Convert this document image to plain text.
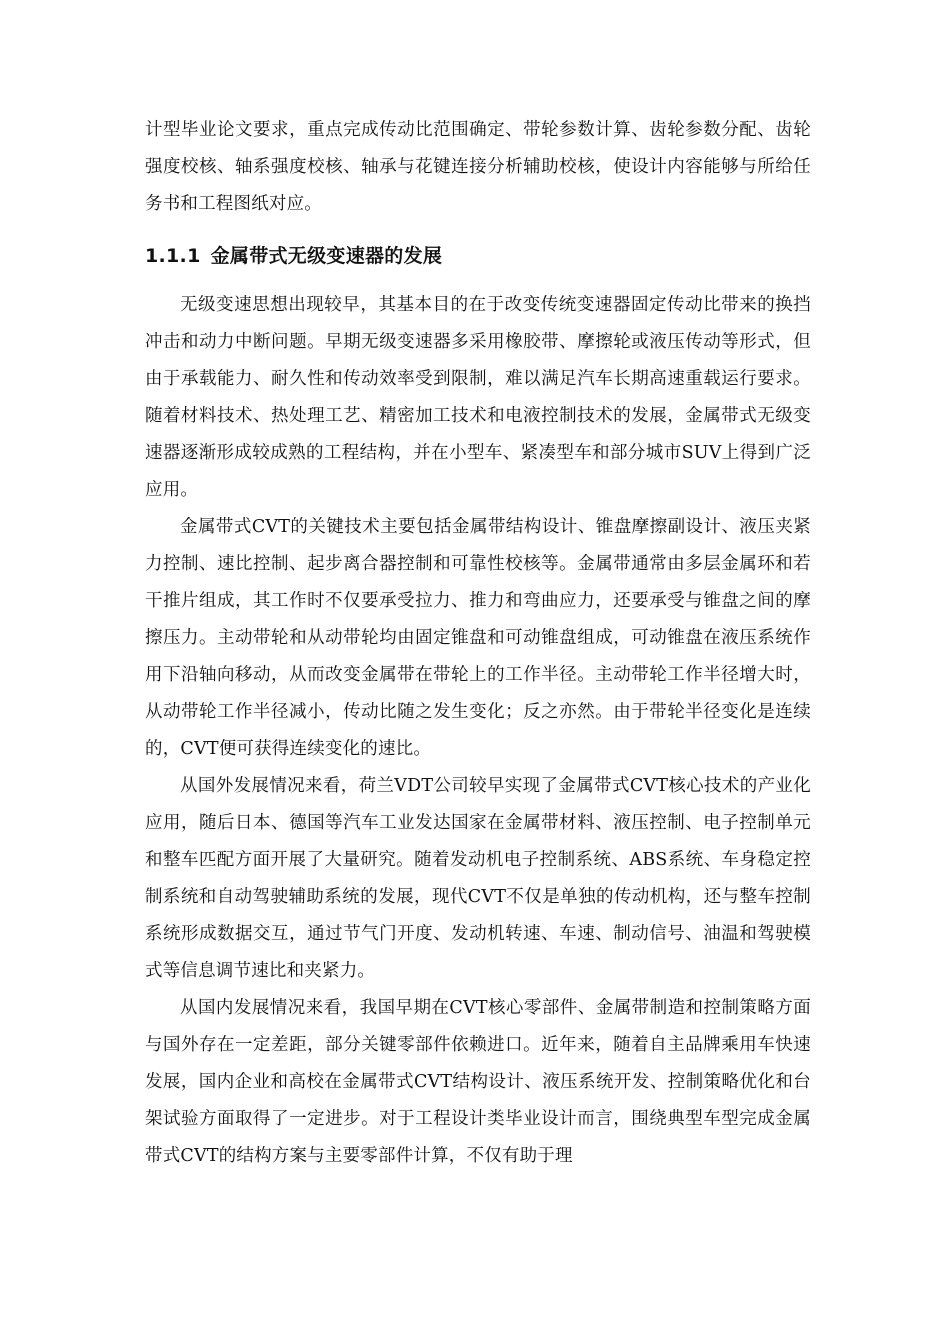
计型毕业论文要求，重点完成传动比范围确定、带轮参数计算、齿轮参数分配、齿轮强度校核、轴系强度校核、轴承与花键连接分析辅助校核，使设计内容能够与所给任务书和工程图纸对应。

1.1.1 金属带式无级变速器的发展

无级变速思想出现较早，其基本目的在于改变传统变速器固定传动比带来的换挡冲击和动力中断问题。早期无级变速器多采用橡胶带、摩擦轮或液压传动等形式，但由于承载能力、耐久性和传动效率受到限制，难以满足汽车长期高速重载运行要求。随着材料技术、热处理工艺、精密加工技术和电液控制技术的发展，金属带式无级变速器逐渐形成较成熟的工程结构，并在小型车、紧凑型车和部分城市SUV上得到广泛应用。

金属带式CVT的关键技术主要包括金属带结构设计、锥盘摩擦副设计、液压夹紧力控制、速比控制、起步离合器控制和可靠性校核等。金属带通常由多层金属环和若干推片组成，其工作时不仅要承受拉力、推力和弯曲应力，还要承受与锥盘之间的摩擦压力。主动带轮和从动带轮均由固定锥盘和可动锥盘组成，可动锥盘在液压系统作用下沿轴向移动，从而改变金属带在带轮上的工作半径。主动带轮工作半径增大时，从动带轮工作半径减小，传动比随之发生变化；反之亦然。由于带轮半径变化是连续的，CVT便可获得连续变化的速比。

从国外发展情况来看，荷兰VDT公司较早实现了金属带式CVT核心技术的产业化应用，随后日本、德国等汽车工业发达国家在金属带材料、液压控制、电子控制单元和整车匹配方面开展了大量研究。随着发动机电子控制系统、ABS系统、车身稳定控制系统和自动驾驶辅助系统的发展，现代CVT不仅是单独的传动机构，还与整车控制系统形成数据交互，通过节气门开度、发动机转速、车速、制动信号、油温和驾驶模式等信息调节速比和夹紧力。

从国内发展情况来看，我国早期在CVT核心零部件、金属带制造和控制策略方面与国外存在一定差距，部分关键零部件依赖进口。近年来，随着自主品牌乘用车快速发展，国内企业和高校在金属带式CVT结构设计、液压系统开发、控制策略优化和台架试验方面取得了一定进步。对于工程设计类毕业设计而言，围绕典型车型完成金属带式CVT的结构方案与主要零部件计算，不仅有助于理
